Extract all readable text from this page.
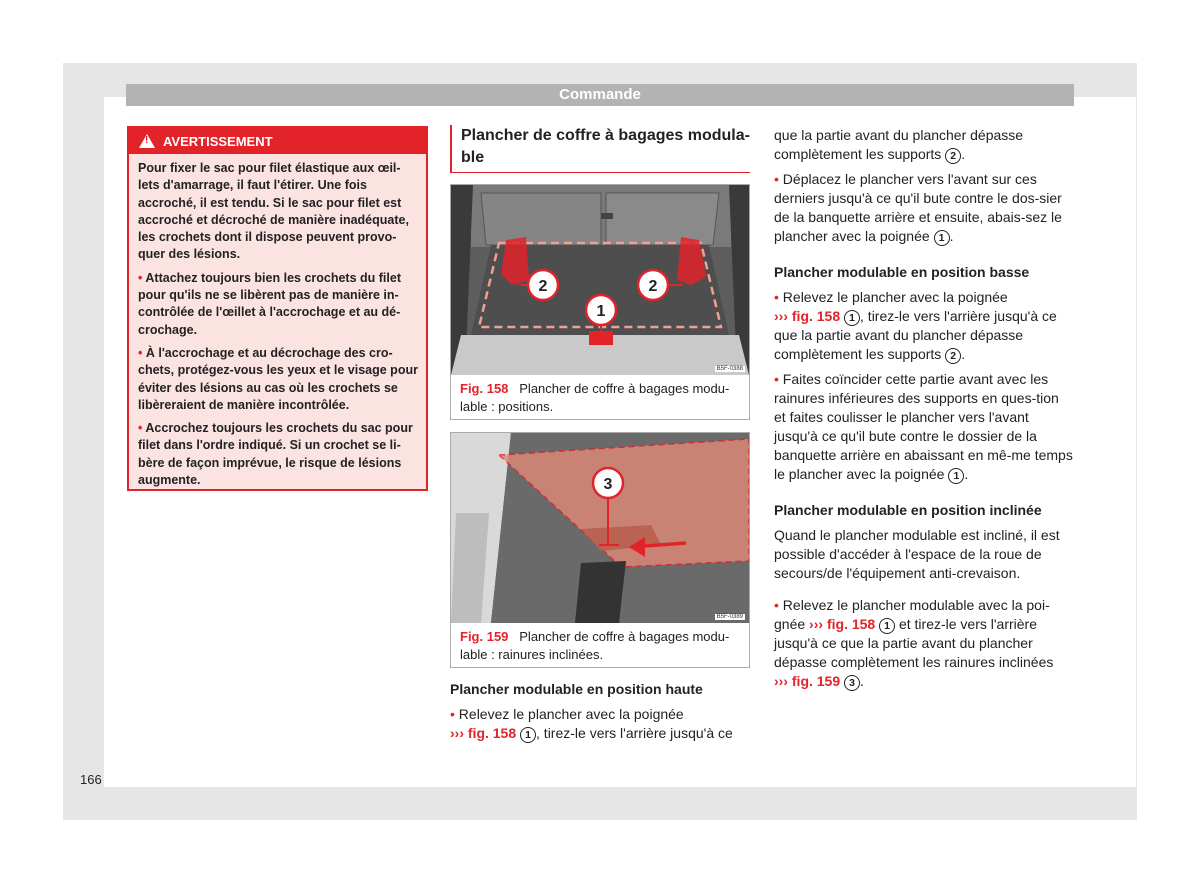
Commande
!
AVERTISSEMENT

Pour fixer le sac pour filet élastique aux œil-lets d'amarrage, il faut l'étirer. Une fois accroché, il est tendu. Si le sac pour filet est accroché et décroché de manière inadéquate, les crochets dont il dispose peuvent provo-quer des lésions.

• Attachez toujours bien les crochets du filet pour qu'ils ne se libèrent pas de manière in-contrôlée de l'œillet à l'accrochage et au dé-crochage.

• À l'accrochage et au décrochage des cro-chets, protégez-vous les yeux et le visage pour éviter des lésions au cas où les crochets se libèreraient de manière incontrôlée.

• Accrochez toujours les crochets du sac pour filet dans l'ordre indiqué. Si un crochet se li-bère de façon imprévue, le risque de lésions augmente.

Plancher de coffre à bagages modula-ble
2	2
1
B5F-0388
Fig. 158 Plancher de coffre à bagages modu-lable : positions.
3
B5F-0389
Fig. 159 Plancher de coffre à bagages modu-lable : rainures inclinées.
Plancher modulable en position haute
• Relevez le plancher avec la poignée
››› fig. 158 1 , tirez-le vers l'arrière jusqu'à ce
que la partie avant du plancher dépasse complètement les supports 2 .
• Déplacez le plancher vers l'avant sur ces derniers jusqu'à ce qu'il bute contre le dos-sier de la banquette arrière et ensuite, abais-sez le plancher avec la poignée 1 .
Plancher modulable en position basse
• Relevez le plancher avec la poignée
››› fig. 158 1 , tirez-le vers l'arrière jusqu'à ce que la partie avant du plancher dépasse complètement les supports 2 .
• Faites coïncider cette partie avant avec les rainures inférieures des supports en ques-tion et faites coulisser le plancher vers l'avant jusqu'à ce qu'il bute contre le dossier de la banquette arrière en abaissant en mê-me temps le plancher avec la poignée 1 .
Plancher modulable en position inclinée
Quand le plancher modulable est incliné, il est possible d'accéder à l'espace de la roue de secours/de l'équipement anti-crevaison.
• Relevez le plancher modulable avec la poi-gnée ››› fig. 158 1 et tirez-le vers l'arrière jusqu'à ce que la partie avant du plancher dépasse complètement les rainures inclinées
››› fig. 159 3 .
166
